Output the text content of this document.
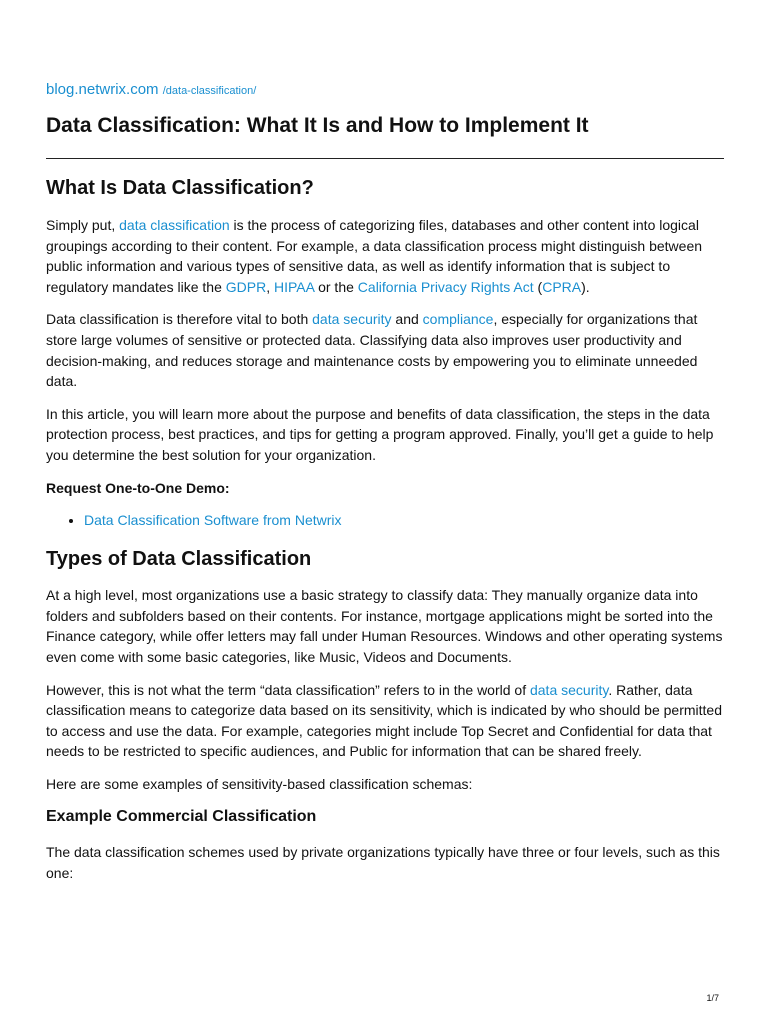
blog.netwrix.com /data-classification/
Data Classification: What It Is and How to Implement It
What Is Data Classification?

Simply put, data classification is the process of categorizing files, databases and other content into logical groupings according to their content. For example, a data classification process might distinguish between public information and various types of sensitive data, as well as identify information that is subject to regulatory mandates like the GDPR, HIPAA or the California Privacy Rights Act (CPRA).

Data classification is therefore vital to both data security and compliance, especially for organizations that store large volumes of sensitive or protected data. Classifying data also improves user productivity and decision-making, and reduces storage and maintenance costs by empowering you to eliminate unneeded data.

In this article, you will learn more about the purpose and benefits of data classification, the steps in the data protection process, best practices, and tips for getting a program approved. Finally, you’ll get a guide to help you determine the best solution for your organization.

Request One-to-One Demo:

• Data Classification Software from Netwrix
Types of Data Classification

At a high level, most organizations use a basic strategy to classify data: They manually organize data into folders and subfolders based on their contents. For instance, mortgage applications might be sorted into the Finance category, while offer letters may fall under Human Resources. Windows and other operating systems even come with some basic categories, like Music, Videos and Documents.

However, this is not what the term “data classification” refers to in the world of data security. Rather, data classification means to categorize data based on its sensitivity, which is indicated by who should be permitted to access and use the data. For example, categories might include Top Secret and Confidential for data that needs to be restricted to specific audiences, and Public for information that can be shared freely.

Here are some examples of sensitivity-based classification schemas:

Example Commercial Classification

The data classification schemes used by private organizations typically have three or four levels, such as this one:

1/7
